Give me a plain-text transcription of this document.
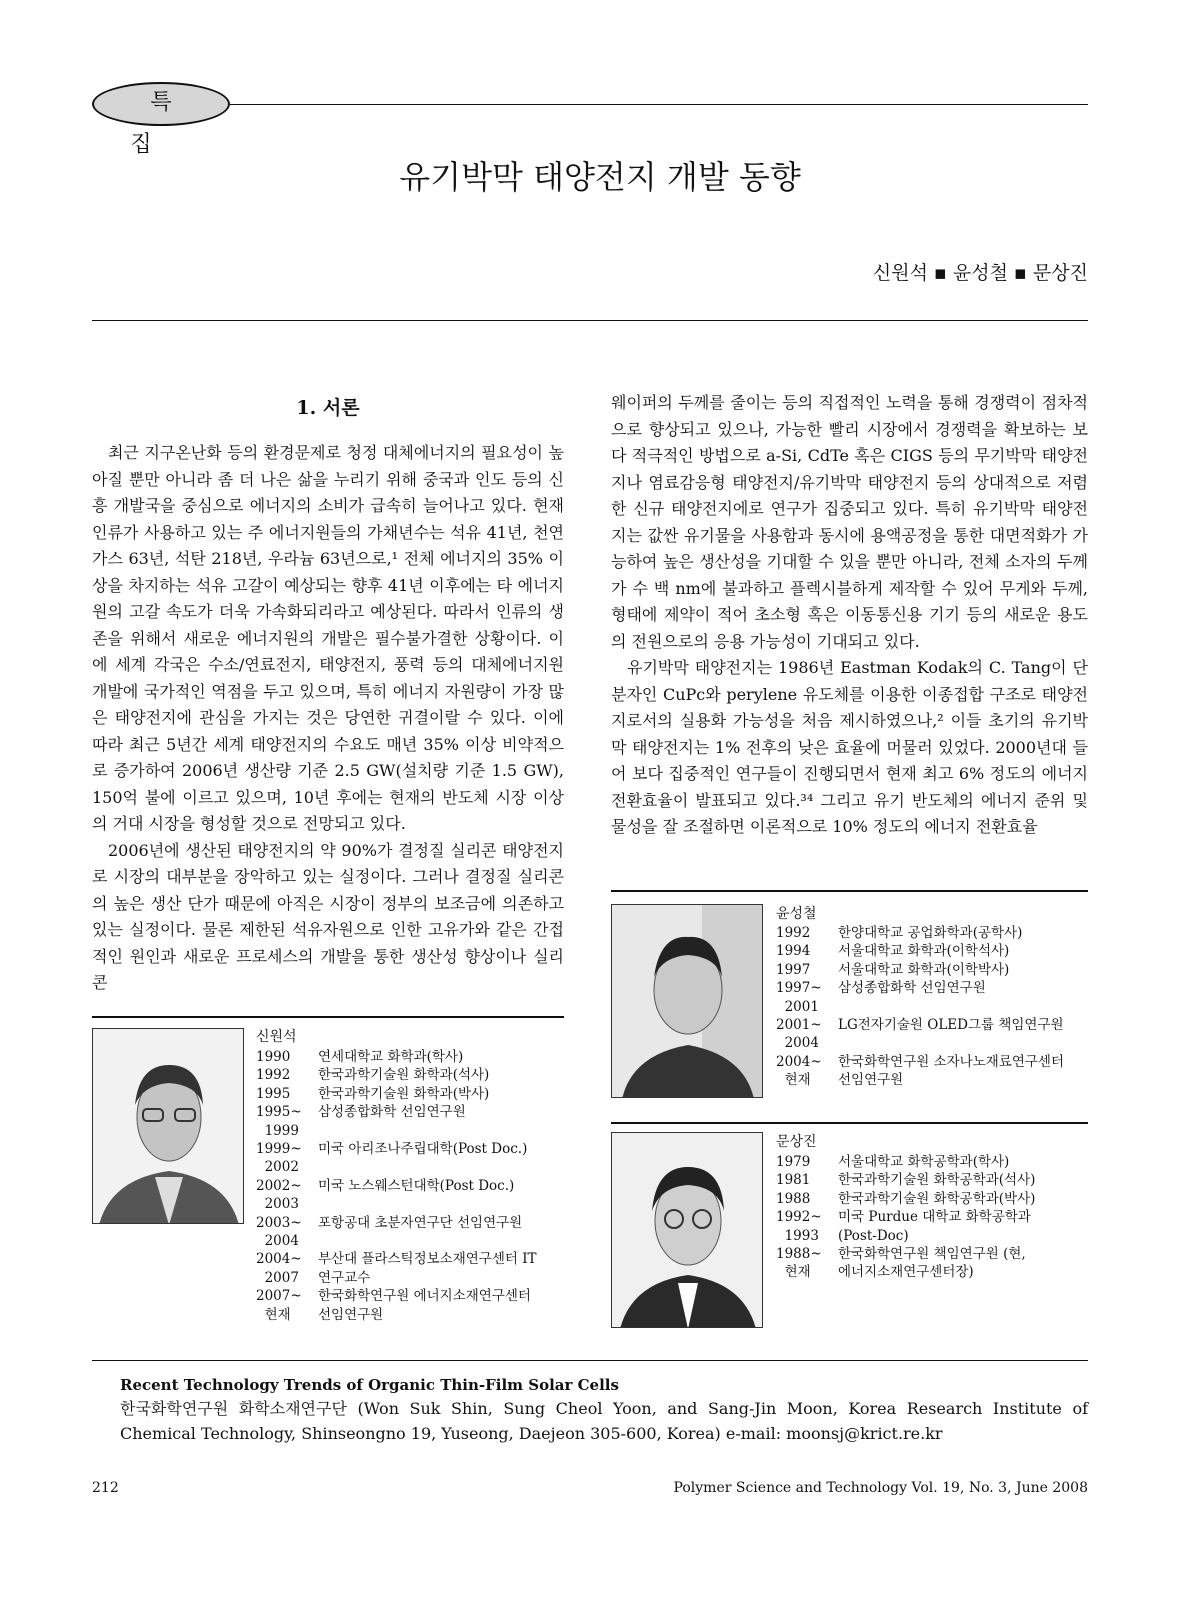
특 집
유기박막 태양전지 개발 동향
신원석 ▪ 윤성철 ▪ 문상진
1. 서론

최근 지구온난화 등의 환경문제로 청정 대체에너지의 필요성이 높아질 뿐만 아니라 좀 더 나은 삶을 누리기 위해 중국과 인도 등의 신흥 개발국을 중심으로 에너지의 소비가 급속히 늘어나고 있다. 현재 인류가 사용하고 있는 주 에너지원들의 가채년수는 석유 41년, 천연가스 63년, 석탄 218년, 우라늄 63년으로,¹ 전체 에너지의 35% 이상을 차지하는 석유 고갈이 예상되는 향후 41년 이후에는 타 에너지원의 고갈 속도가 더욱 가속화되리라고 예상된다. 따라서 인류의 생존을 위해서 새로운 에너지원의 개발은 필수불가결한 상황이다. 이에 세계 각국은 수소/연료전지, 태양전지, 풍력 등의 대체에너지원 개발에 국가적인 역점을 두고 있으며, 특히 에너지 자원량이 가장 많은 태양전지에 관심을 가지는 것은 당연한 귀결이랄 수 있다. 이에 따라 최근 5년간 세계 태양전지의 수요도 매년 35% 이상 비약적으로 증가하여 2006년 생산량 기준 2.5 GW(설치량 기준 1.5 GW), 150억 불에 이르고 있으며, 10년 후에는 현재의 반도체 시장 이상의 거대 시장을 형성할 것으로 전망되고 있다.

2006년에 생산된 태양전지의 약 90%가 결정질 실리콘 태양전지로 시장의 대부분을 장악하고 있는 실정이다. 그러나 결정질 실리콘의 높은 생산 단가 때문에 아직은 시장이 정부의 보조금에 의존하고 있는 실정이다. 물론 제한된 석유자원으로 인한 고유가와 같은 간접적인 원인과 새로운 프로세스의 개발을 통한 생산성 향상이나 실리콘

웨이퍼의 두께를 줄이는 등의 직접적인 노력을 통해 경쟁력이 점차적으로 향상되고 있으나, 가능한 빨리 시장에서 경쟁력을 확보하는 보다 적극적인 방법으로 a-Si, CdTe 혹은 CIGS 등의 무기박막 태양전지나 염료감응형 태양전지/유기박막 태양전지 등의 상대적으로 저렴한 신규 태양전지에로 연구가 집중되고 있다. 특히 유기박막 태양전지는 값싼 유기물을 사용함과 동시에 용액공정을 통한 대면적화가 가능하여 높은 생산성을 기대할 수 있을 뿐만 아니라, 전체 소자의 두께가 수 백 nm에 불과하고 플렉시블하게 제작할 수 있어 무게와 두께, 형태에 제약이 적어 초소형 혹은 이동통신용 기기 등의 새로운 용도의 전원으로의 응용 가능성이 기대되고 있다.

유기박막 태양전지는 1986년 Eastman Kodak의 C. Tang이 단분자인 CuPc와 perylene 유도체를 이용한 이종접합 구조로 태양전지로서의 실용화 가능성을 처음 제시하였으나,² 이들 초기의 유기박막 태양전지는 1% 전후의 낮은 효율에 머물러 있었다. 2000년대 들어 보다 집중적인 연구들이 진행되면서 현재 최고 6% 정도의 에너지 전환효율이 발표되고 있다.³⁴ 그리고 유기 반도체의 에너지 준위 및 물성을 잘 조절하면 이론적으로 10% 정도의 에너지 전환효율

윤성철
1992	한양대학교 공업화학과(공학사)
1994	서울대학교 화학과(이학석사)
1997	서울대학교 화학과(이학박사)
1997~
2001	삼성종합화학 선임연구원
2001~
2004	LG전자기술원 OLED그룹 책임연구원
2004~
현재	한국화학연구원 소자나노재료연구센터 선임연구원
문상진
1979	서울대학교 화학공학과(학사)
1981	한국과학기술원 화학공학과(석사)
1988	한국과학기술원 화학공학과(박사)
1992~
1993	미국 Purdue 대학교 화학공학과 (Post-Doc)
1988~
현재	한국화학연구원 책임연구원 (현, 에너지소재연구센터장)
신원석
1990	연세대학교 화학과(학사)
1992	한국과학기술원 화학과(석사)
1995	한국과학기술원 화학과(박사)
1995~
1999	삼성종합화학 선임연구원
1999~
2002	미국 아리조나주립대학(Post Doc.)
2002~
2003	미국 노스웨스턴대학(Post Doc.)
2003~
2004	포항공대 초분자연구단 선임연구원
2004~
2007	부산대 플라스틱정보소재연구센터 IT 연구교수
2007~
현재	한국화학연구원 에너지소재연구센터 선임연구원
Recent Technology Trends of Organic Thin-Film Solar Cells
한국화학연구원 화학소재연구단 (Won Suk Shin, Sung Cheol Yoon, and Sang-Jin Moon, Korea Research Institute of Chemical Technology, Shinseongno 19, Yuseong, Daejeon 305-600, Korea) e-mail: moonsj@krict.re.kr
212	Polymer Science and Technology Vol. 19, No. 3, June 2008
